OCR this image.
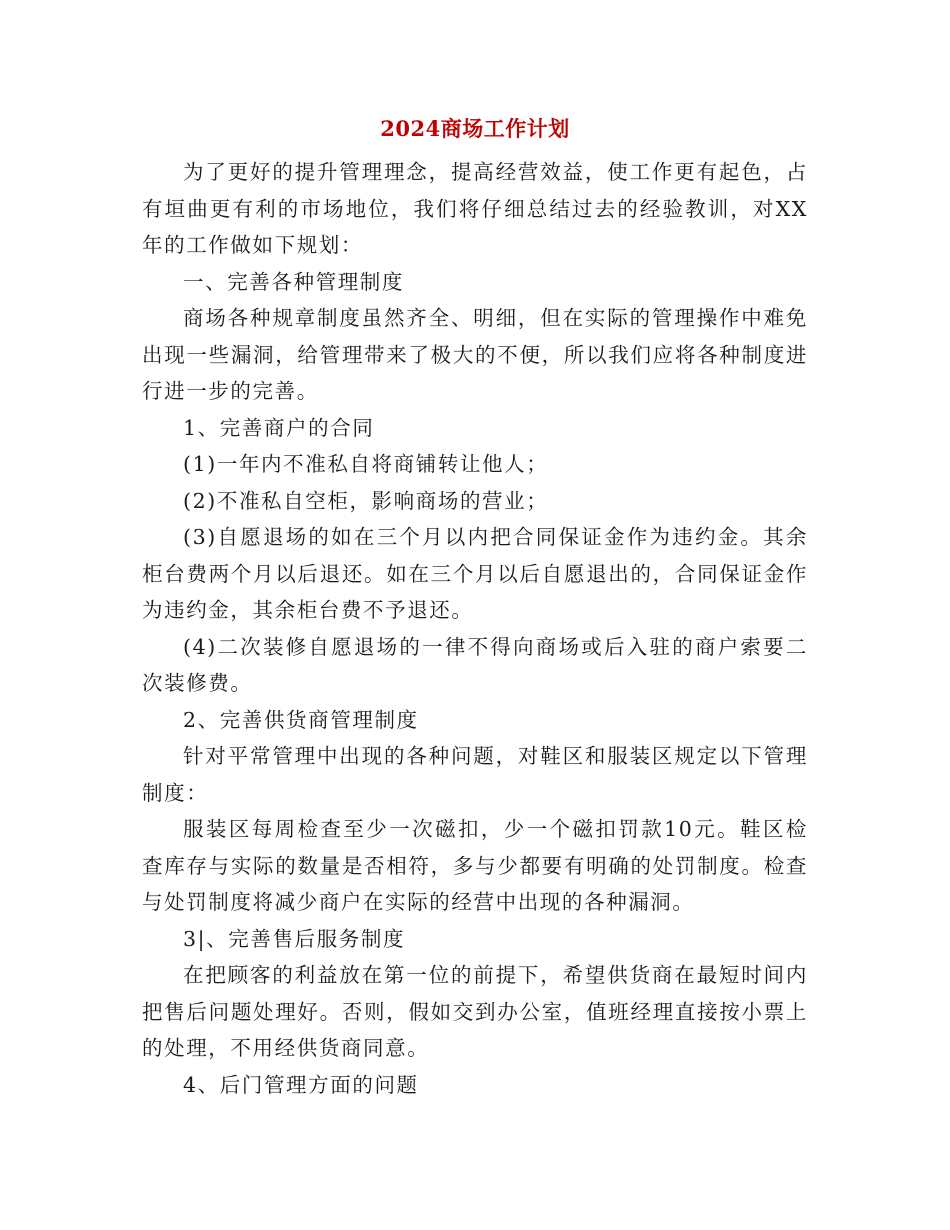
2024商场工作计划

为了更好的提升管理理念，提高经营效益，使工作更有起色，占有垣曲更有利的市场地位，我们将仔细总结过去的经验教训，对XX年的工作做如下规划：

一、完善各种管理制度

商场各种规章制度虽然齐全、明细，但在实际的管理操作中难免出现一些漏洞，给管理带来了极大的不便，所以我们应将各种制度进行进一步的完善。

1、完善商户的合同

(1)一年内不准私自将商铺转让他人；

(2)不准私自空柜，影响商场的营业；

(3)自愿退场的如在三个月以内把合同保证金作为违约金。其余柜台费两个月以后退还。如在三个月以后自愿退出的，合同保证金作为违约金，其余柜台费不予退还。

(4)二次装修自愿退场的一律不得向商场或后入驻的商户索要二次装修费。

2、完善供货商管理制度

针对平常管理中出现的各种问题，对鞋区和服装区规定以下管理制度：

服装区每周检查至少一次磁扣，少一个磁扣罚款10元。鞋区检查库存与实际的数量是否相符，多与少都要有明确的处罚制度。检查与处罚制度将减少商户在实际的经营中出现的各种漏洞。

3|、完善售后服务制度

在把顾客的利益放在第一位的前提下，希望供货商在最短时间内把售后问题处理好。否则，假如交到办公室，值班经理直接按小票上的处理，不用经供货商同意。

4、后门管理方面的问题
